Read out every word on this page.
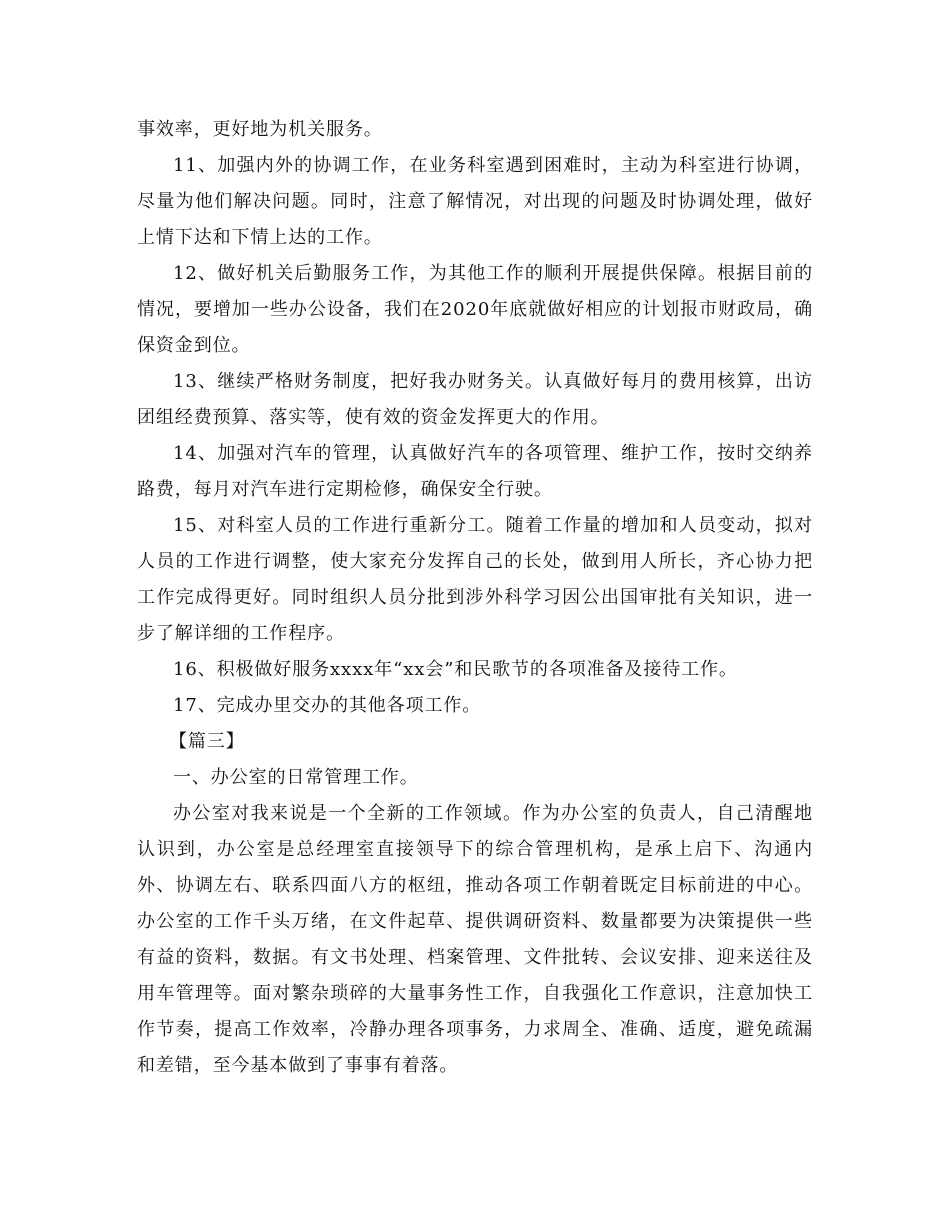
事效率，更好地为机关服务。

11、加强内外的协调工作，在业务科室遇到困难时，主动为科室进行协调，尽量为他们解决问题。同时，注意了解情况，对出现的问题及时协调处理，做好上情下达和下情上达的工作。

12、做好机关后勤服务工作，为其他工作的顺利开展提供保障。根据目前的情况，要增加一些办公设备，我们在2020年底就做好相应的计划报市财政局，确保资金到位。

13、继续严格财务制度，把好我办财务关。认真做好每月的费用核算，出访团组经费预算、落实等，使有效的资金发挥更大的作用。

14、加强对汽车的管理，认真做好汽车的各项管理、维护工作，按时交纳养路费，每月对汽车进行定期检修，确保安全行驶。

15、对科室人员的工作进行重新分工。随着工作量的增加和人员变动，拟对人员的工作进行调整，使大家充分发挥自己的长处，做到用人所长，齐心协力把工作完成得更好。同时组织人员分批到涉外科学习因公出国审批有关知识，进一步了解详细的工作程序。

16、积极做好服务xxxx年“xx会”和民歌节的各项准备及接待工作。

17、完成办里交办的其他各项工作。

【篇三】

一、办公室的日常管理工作。

办公室对我来说是一个全新的工作领域。作为办公室的负责人，自己清醒地认识到，办公室是总经理室直接领导下的综合管理机构，是承上启下、沟通内外、协调左右、联系四面八方的枢纽，推动各项工作朝着既定目标前进的中心。办公室的工作千头万绪，在文件起草、提供调研资料、数量都要为决策提供一些有益的资料，数据。有文书处理、档案管理、文件批转、会议安排、迎来送往及用车管理等。面对繁杂琐碎的大量事务性工作，自我强化工作意识，注意加快工作节奏，提高工作效率，冷静办理各项事务，力求周全、准确、适度，避免疏漏和差错，至今基本做到了事事有着落。
